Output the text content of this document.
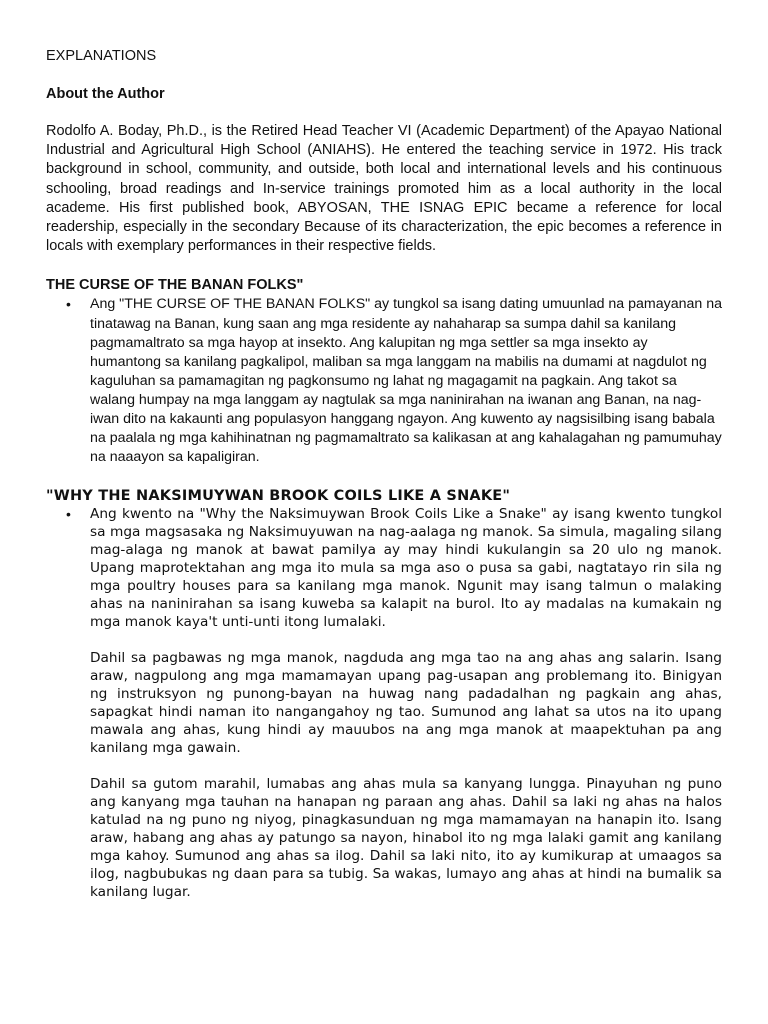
EXPLANATIONS
About the Author
Rodolfo A. Boday, Ph.D., is the Retired Head Teacher VI (Academic Department) of the Apayao National Industrial and Agricultural High School (ANIAHS). He entered the teaching service in 1972. His track background in school, community, and outside, both local and international levels and his continuous schooling, broad readings and In-service trainings promoted him as a local authority in the local academe. His first published book, ABYOSAN, THE ISNAG EPIC became a reference for local readership, especially in the secondary Because of its characterization, the epic becomes a reference in locals with exemplary performances in their respective fields.
THE CURSE OF THE BANAN FOLKS"
• Ang "THE CURSE OF THE BANAN FOLKS" ay tungkol sa isang dating umuunlad na pamayanan na tinatawag na Banan, kung saan ang mga residente ay nahaharap sa sumpa dahil sa kanilang pagmamaltrato sa mga hayop at insekto. Ang kalupitan ng mga settler sa mga insekto ay humantong sa kanilang pagkalipol, maliban sa mga langgam na mabilis na dumami at nagdulot ng kaguluhan sa pamamagitan ng pagkonsumo ng lahat ng magagamit na pagkain. Ang takot sa walang humpay na mga langgam ay nagtulak sa mga naninirahan na iwanan ang Banan, na nag-iwan dito na kakaunti ang populasyon hanggang ngayon. Ang kuwento ay nagsisilbing isang babala na paalala ng mga kahihinatnan ng pagmamaltrato sa kalikasan at ang kahalagahan ng pamumuhay na naaayon sa kapaligiran.
"WHY THE NAKSIMUYWAN BROOK COILS LIKE A SNAKE"
• Ang kwento na "Why the Naksimuywan Brook Coils Like a Snake" ay isang kwento tungkol sa mga magsasaka ng Naksimuyuwan na nag-aalaga ng manok. Sa simula, magaling silang mag-alaga ng manok at bawat pamilya ay may hindi kukulangin sa 20 ulo ng manok. Upang maprotektahan ang mga ito mula sa mga aso o pusa sa gabi, nagtatayo rin sila ng mga poultry houses para sa kanilang mga manok. Ngunit may isang talmun o malaking ahas na naninirahan sa isang kuweba sa kalapit na burol. Ito ay madalas na kumakain ng mga manok kaya't unti-unti itong lumalaki.
Dahil sa pagbawas ng mga manok, nagduda ang mga tao na ang ahas ang salarin. Isang araw, nagpulong ang mga mamamayan upang pag-usapan ang problemang ito. Binigyan ng instruksyon ng punong-bayan na huwag nang padadalhan ng pagkain ang ahas, sapagkat hindi naman ito nangangahoy ng tao. Sumunod ang lahat sa utos na ito upang mawala ang ahas, kung hindi ay mauubos na ang mga manok at maapektuhan pa ang kanilang mga gawain.
Dahil sa gutom marahil, lumabas ang ahas mula sa kanyang lungga. Pinayuhan ng puno ang kanyang mga tauhan na hanapan ng paraan ang ahas. Dahil sa laki ng ahas na halos katulad na ng puno ng niyog, pinagkasunduan ng mga mamamayan na hanapin ito. Isang araw, habang ang ahas ay patungo sa nayon, hinabol ito ng mga lalaki gamit ang kanilang mga kahoy. Sumunod ang ahas sa ilog. Dahil sa laki nito, ito ay kumikurap at umaagos sa ilog, nagbubukas ng daan para sa tubig. Sa wakas, lumayo ang ahas at hindi na bumalik sa kanilang lugar.
